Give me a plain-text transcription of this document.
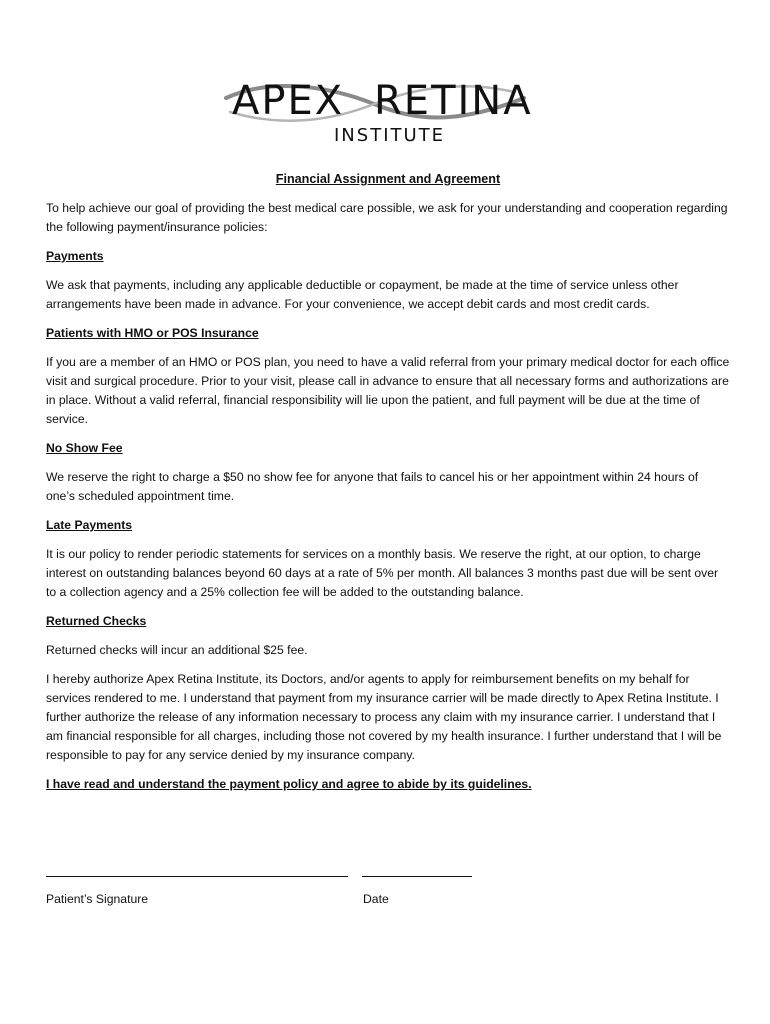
APEX RETINA
INSTITUTE

Financial Assignment and Agreement

To help achieve our goal of providing the best medical care possible, we ask for your understanding and cooperation regarding the following payment/insurance policies:

Payments

We ask that payments, including any applicable deductible or copayment, be made at the time of service unless other arrangements have been made in advance. For your convenience, we accept debit cards and most credit cards.

Patients with HMO or POS Insurance

If you are a member of an HMO or POS plan, you need to have a valid referral from your primary medical doctor for each office visit and surgical procedure. Prior to your visit, please call in advance to ensure that all necessary forms and authorizations are in place. Without a valid referral, financial responsibility will lie upon the patient, and full payment will be due at the time of service.

No Show Fee

We reserve the right to charge a $50 no show fee for anyone that fails to cancel his or her appointment within 24 hours of one’s scheduled appointment time.

Late Payments

It is our policy to render periodic statements for services on a monthly basis. We reserve the right, at our option, to charge interest on outstanding balances beyond 60 days at a rate of 5% per month. All balances 3 months past due will be sent over to a collection agency and a 25% collection fee will be added to the outstanding balance.

Returned Checks

Returned checks will incur an additional $25 fee.

I hereby authorize Apex Retina Institute, its Doctors, and/or agents to apply for reimbursement benefits on my behalf for services rendered to me. I understand that payment from my insurance carrier will be made directly to Apex Retina Institute. I further authorize the release of any information necessary to process any claim with my insurance carrier. I understand that I am financial responsible for all charges, including those not covered by my health insurance. I further understand that I will be responsible to pay for any service denied by my insurance company.

I have read and understand the payment policy and agree to abide by its guidelines.

Patient’s Signature	Date
